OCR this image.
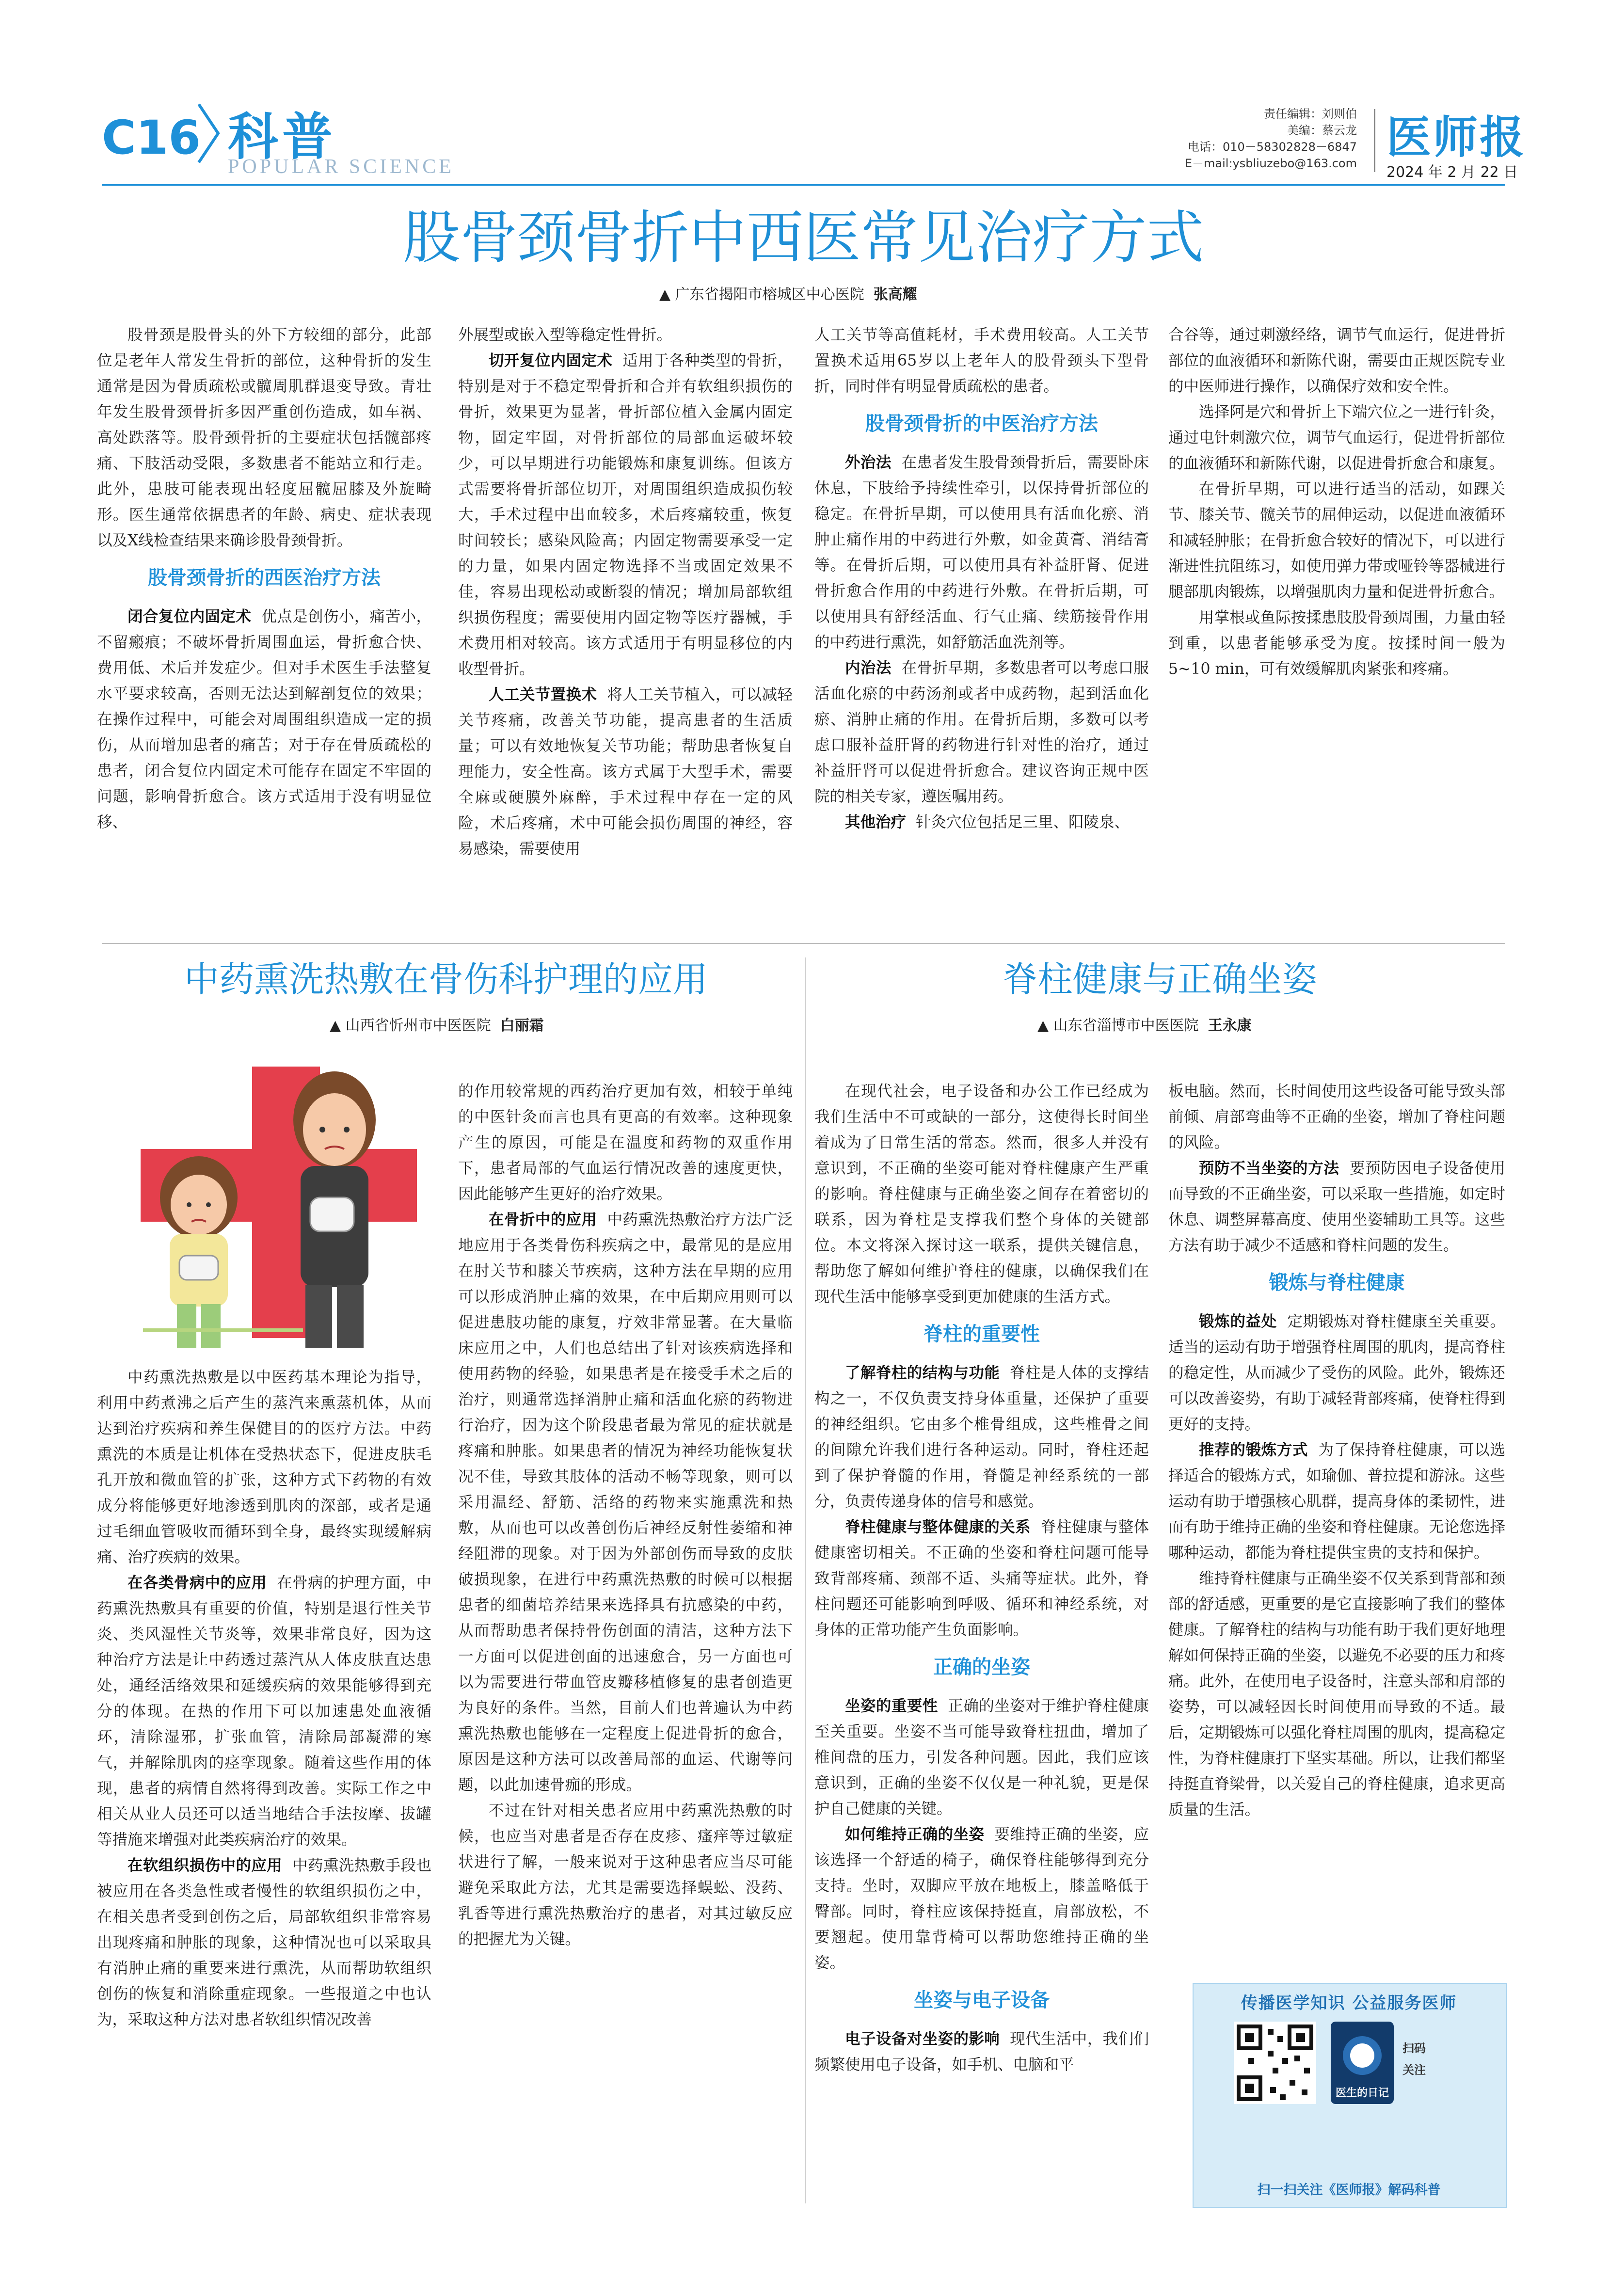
C16 科普
POPULAR SCIENCE
责任编辑：刘则伯
美编：蔡云龙
电话：010－58302828－6847
E－mail:ysbliuzebo@163.com 医师报
2024 年 2 月 22 日
股骨颈骨折中西医常见治疗方式
▲ 广东省揭阳市榕城区中心医院 张高耀

股骨颈是股骨头的外下方较细的部分，此部位是老年人常发生骨折的部位，这种骨折的发生通常是因为骨质疏松或髋周肌群退变导致。青壮年发生股骨颈骨折多因严重创伤造成，如车祸、高处跌落等。股骨颈骨折的主要症状包括髋部疼痛、下肢活动受限，多数患者不能站立和行走。此外，患肢可能表现出轻度屈髋屈膝及外旋畸形。医生通常依据患者的年龄、病史、症状表现以及X线检查结果来确诊股骨颈骨折。

股骨颈骨折的西医治疗方法

闭合复位内固定术 优点是创伤小，痛苦小，不留瘢痕；不破坏骨折周围血运，骨折愈合快、费用低、术后并发症少。但对手术医生手法整复水平要求较高，否则无法达到解剖复位的效果；在操作过程中，可能会对周围组织造成一定的损伤，从而增加患者的痛苦；对于存在骨质疏松的患者，闭合复位内固定术可能存在固定不牢固的问题，影响骨折愈合。该方式适用于没有明显位移、

外展型或嵌入型等稳定性骨折。

切开复位内固定术 适用于各种类型的骨折，特别是对于不稳定型骨折和合并有软组织损伤的骨折，效果更为显著，骨折部位植入金属内固定物，固定牢固，对骨折部位的局部血运破坏较少，可以早期进行功能锻炼和康复训练。但该方式需要将骨折部位切开，对周围组织造成损伤较大，手术过程中出血较多，术后疼痛较重，恢复时间较长；感染风险高；内固定物需要承受一定的力量，如果内固定物选择不当或固定效果不佳，容易出现松动或断裂的情况；增加局部软组织损伤程度；需要使用内固定物等医疗器械，手术费用相对较高。该方式适用于有明显移位的内收型骨折。

人工关节置换术 将人工关节植入，可以减轻关节疼痛，改善关节功能，提高患者的生活质量；可以有效地恢复关节功能；帮助患者恢复自理能力，安全性高。该方式属于大型手术，需要全麻或硬膜外麻醉，手术过程中存在一定的风险，术后疼痛，术中可能会损伤周围的神经，容易感染，需要使用

人工关节等高值耗材，手术费用较高。人工关节置换术适用65岁以上老年人的股骨颈头下型骨折，同时伴有明显骨质疏松的患者。

股骨颈骨折的中医治疗方法

外治法 在患者发生股骨颈骨折后，需要卧床休息，下肢给予持续性牵引，以保持骨折部位的稳定。在骨折早期，可以使用具有活血化瘀、消肿止痛作用的中药进行外敷，如金黄膏、消结膏等。在骨折后期，可以使用具有补益肝肾、促进骨折愈合作用的中药进行外敷。在骨折后期，可以使用具有舒经活血、行气止痛、续筋接骨作用的中药进行熏洗，如舒筋活血洗剂等。

内治法 在骨折早期，多数患者可以考虑口服活血化瘀的中药汤剂或者中成药物，起到活血化瘀、消肿止痛的作用。在骨折后期，多数可以考虑口服补益肝肾的药物进行针对性的治疗，通过补益肝肾可以促进骨折愈合。建议咨询正规中医院的相关专家，遵医嘱用药。

其他治疗 针灸穴位包括足三里、阳陵泉、

合谷等，通过刺激经络，调节气血运行，促进骨折部位的血液循环和新陈代谢，需要由正规医院专业的中医师进行操作，以确保疗效和安全性。

选择阿是穴和骨折上下端穴位之一进行针灸，通过电针刺激穴位，调节气血运行，促进骨折部位的血液循环和新陈代谢，以促进骨折愈合和康复。

在骨折早期，可以进行适当的活动，如踝关节、膝关节、髋关节的屈伸运动，以促进血液循环和减轻肿胀；在骨折愈合较好的情况下，可以进行渐进性抗阻练习，如使用弹力带或哑铃等器械进行腿部肌肉锻炼，以增强肌肉力量和促进骨折愈合。

用掌根或鱼际按揉患肢股骨颈周围，力量由轻到重，以患者能够承受为度。按揉时间一般为5~10 min，可有效缓解肌肉紧张和疼痛。

中药熏洗热敷在骨伤科护理的应用
▲ 山西省忻州市中医医院 白丽霜

中药熏洗热敷是以中医药基本理论为指导，利用中药煮沸之后产生的蒸汽来熏蒸机体，从而达到治疗疾病和养生保健目的的医疗方法。中药熏洗的本质是让机体在受热状态下，促进皮肤毛孔开放和微血管的扩张，这种方式下药物的有效成分将能够更好地渗透到肌肉的深部，或者是通过毛细血管吸收而循环到全身，最终实现缓解病痛、治疗疾病的效果。

在各类骨病中的应用 在骨病的护理方面，中药熏洗热敷具有重要的价值，特别是退行性关节炎、类风湿性关节炎等，效果非常良好，因为这种治疗方法是让中药透过蒸汽从人体皮肤直达患处，通经活络效果和延缓疾病的效果能够得到充分的体现。在热的作用下可以加速患处血液循环，清除湿邪，扩张血管，清除局部凝滞的寒气，并解除肌肉的痉挛现象。随着这些作用的体现，患者的病情自然将得到改善。实际工作之中相关从业人员还可以适当地结合手法按摩、拔罐等措施来增强对此类疾病治疗的效果。

在软组织损伤中的应用 中药熏洗热敷手段也被应用在各类急性或者慢性的软组织损伤之中，在相关患者受到创伤之后，局部软组织非常容易出现疼痛和肿胀的现象，这种情况也可以采取具有消肿止痛的重要来进行熏洗，从而帮助软组织创伤的恢复和消除重症现象。一些报道之中也认为，采取这种方法对患者软组织情况改善

的作用较常规的西药治疗更加有效，相较于单纯的中医针灸而言也具有更高的有效率。这种现象产生的原因，可能是在温度和药物的双重作用下，患者局部的气血运行情况改善的速度更快，因此能够产生更好的治疗效果。

在骨折中的应用 中药熏洗热敷治疗方法广泛地应用于各类骨伤科疾病之中，最常见的是应用在肘关节和膝关节疾病，这种方法在早期的应用可以形成消肿止痛的效果，在中后期应用则可以促进患肢功能的康复，疗效非常显著。在大量临床应用之中，人们也总结出了针对该疾病选择和使用药物的经验，如果患者是在接受手术之后的治疗，则通常选择消肿止痛和活血化瘀的药物进行治疗，因为这个阶段患者最为常见的症状就是疼痛和肿胀。如果患者的情况为神经功能恢复状况不佳，导致其肢体的活动不畅等现象，则可以采用温经、舒筋、活络的药物来实施熏洗和热敷，从而也可以改善创伤后神经反射性萎缩和神经阻滞的现象。对于因为外部创伤而导致的皮肤破损现象，在进行中药熏洗热敷的时候可以根据患者的细菌培养结果来选择具有抗感染的中药，从而帮助患者保持骨伤创面的清洁，这种方法下一方面可以促进创面的迅速愈合，另一方面也可以为需要进行带血管皮瓣移植修复的患者创造更为良好的条件。当然，目前人们也普遍认为中药熏洗热敷也能够在一定程度上促进骨折的愈合，原因是这种方法可以改善局部的血运、代谢等问题，以此加速骨痂的形成。

不过在针对相关患者应用中药熏洗热敷的时候，也应当对患者是否存在皮疹、瘙痒等过敏症状进行了解，一般来说对于这种患者应当尽可能避免采取此方法，尤其是需要选择蜈蚣、没药、乳香等进行熏洗热敷治疗的患者，对其过敏反应的把握尤为关键。

脊柱健康与正确坐姿
▲ 山东省淄博市中医医院 王永康

在现代社会，电子设备和办公工作已经成为我们生活中不可或缺的一部分，这使得长时间坐着成为了日常生活的常态。然而，很多人并没有意识到，不正确的坐姿可能对脊柱健康产生严重的影响。脊柱健康与正确坐姿之间存在着密切的联系，因为脊柱是支撑我们整个身体的关键部位。本文将深入探讨这一联系，提供关键信息，帮助您了解如何维护脊柱的健康，以确保我们在现代生活中能够享受到更加健康的生活方式。

脊柱的重要性

了解脊柱的结构与功能 脊柱是人体的支撑结构之一，不仅负责支持身体重量，还保护了重要的神经组织。它由多个椎骨组成，这些椎骨之间的间隙允许我们进行各种运动。同时，脊柱还起到了保护脊髓的作用，脊髓是神经系统的一部分，负责传递身体的信号和感觉。

脊柱健康与整体健康的关系 脊柱健康与整体健康密切相关。不正确的坐姿和脊柱问题可能导致背部疼痛、颈部不适、头痛等症状。此外，脊柱问题还可能影响到呼吸、循环和神经系统，对身体的正常功能产生负面影响。

正确的坐姿

坐姿的重要性 正确的坐姿对于维护脊柱健康至关重要。坐姿不当可能导致脊柱扭曲，增加了椎间盘的压力，引发各种问题。因此，我们应该意识到，正确的坐姿不仅仅是一种礼貌，更是保护自己健康的关键。

如何维持正确的坐姿 要维持正确的坐姿，应该选择一个舒适的椅子，确保脊柱能够得到充分支持。坐时，双脚应平放在地板上，膝盖略低于臀部。同时，脊柱应该保持挺直，肩部放松，不要翘起。使用靠背椅可以帮助您维持正确的坐姿。

坐姿与电子设备

电子设备对坐姿的影响 现代生活中，我们们频繁使用电子设备，如手机、电脑和平

板电脑。然而，长时间使用这些设备可能导致头部前倾、肩部弯曲等不正确的坐姿，增加了脊柱问题的风险。

预防不当坐姿的方法 要预防因电子设备使用而导致的不正确坐姿，可以采取一些措施，如定时休息、调整屏幕高度、使用坐姿辅助工具等。这些方法有助于减少不适感和脊柱问题的发生。

锻炼与脊柱健康

锻炼的益处 定期锻炼对脊柱健康至关重要。适当的运动有助于增强脊柱周围的肌肉，提高脊柱的稳定性，从而减少了受伤的风险。此外，锻炼还可以改善姿势，有助于减轻背部疼痛，使脊柱得到更好的支持。

推荐的锻炼方式 为了保持脊柱健康，可以选择适合的锻炼方式，如瑜伽、普拉提和游泳。这些运动有助于增强核心肌群，提高身体的柔韧性，进而有助于维持正确的坐姿和脊柱健康。无论您选择哪种运动，都能为脊柱提供宝贵的支持和保护。

维持脊柱健康与正确坐姿不仅关系到背部和颈部的舒适感，更重要的是它直接影响了我们的整体健康。了解脊柱的结构与功能有助于我们更好地理解如何保持正确的坐姿，以避免不必要的压力和疼痛。此外，在使用电子设备时，注意头部和肩部的姿势，可以减轻因长时间使用而导致的不适。最后，定期锻炼可以强化脊柱周围的肌肉，提高稳定性，为脊柱健康打下坚实基础。所以，让我们都坚持挺直脊梁骨，以关爱自己的脊柱健康，追求更高质量的生活。

传播医学知识 公益服务医师
医生的日记
扫码
关注
扫一扫关注《医师报》解码科普
